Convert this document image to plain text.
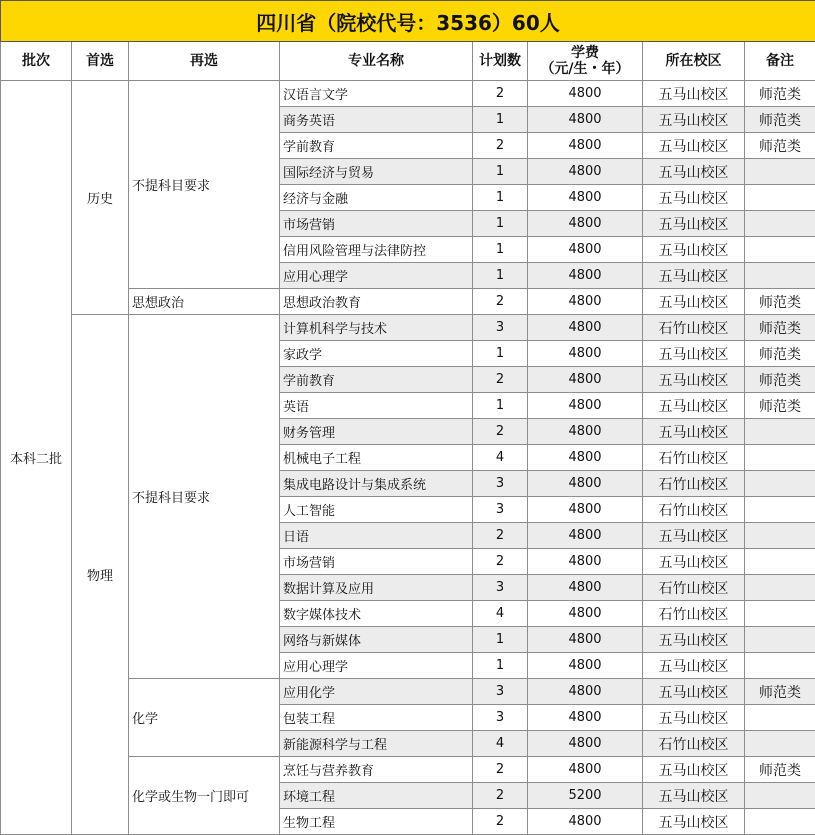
四川省（院校代号：3536）60人							
批次	首选	再选	专业名称	计划数	学费
（元/生・年）	所在校区	备注
本科二批	历史	不提科目要求	汉语言文学	2	4800	五马山校区	师范类
			商务英语	1	4800	五马山校区	师范类
			学前教育	2	4800	五马山校区	师范类
			国际经济与贸易	1	4800	五马山校区	
			经济与金融	1	4800	五马山校区	
			市场营销	1	4800	五马山校区	
			信用风险管理与法律防控	1	4800	五马山校区	
			应用心理学	1	4800	五马山校区	
		思想政治	思想政治教育	2	4800	五马山校区	师范类
	物理	不提科目要求	计算机科学与技术	3	4800	石竹山校区	师范类
			家政学	1	4800	五马山校区	师范类
			学前教育	2	4800	五马山校区	师范类
			英语	1	4800	五马山校区	师范类
			财务管理	2	4800	五马山校区	
			机械电子工程	4	4800	石竹山校区	
			集成电路设计与集成系统	3	4800	石竹山校区	
			人工智能	3	4800	石竹山校区	
			日语	2	4800	五马山校区	
			市场营销	2	4800	五马山校区	
			数据计算及应用	3	4800	石竹山校区	
			数字媒体技术	4	4800	石竹山校区	
			网络与新媒体	1	4800	五马山校区	
			应用心理学	1	4800	五马山校区	
		化学	应用化学	3	4800	五马山校区	师范类
			包装工程	3	4800	五马山校区	
			新能源科学与工程	4	4800	石竹山校区	
		化学或生物一门即可	烹饪与营养教育	2	4800	五马山校区	师范类
			环境工程	2	5200	五马山校区	
			生物工程	2	4800	五马山校区	
